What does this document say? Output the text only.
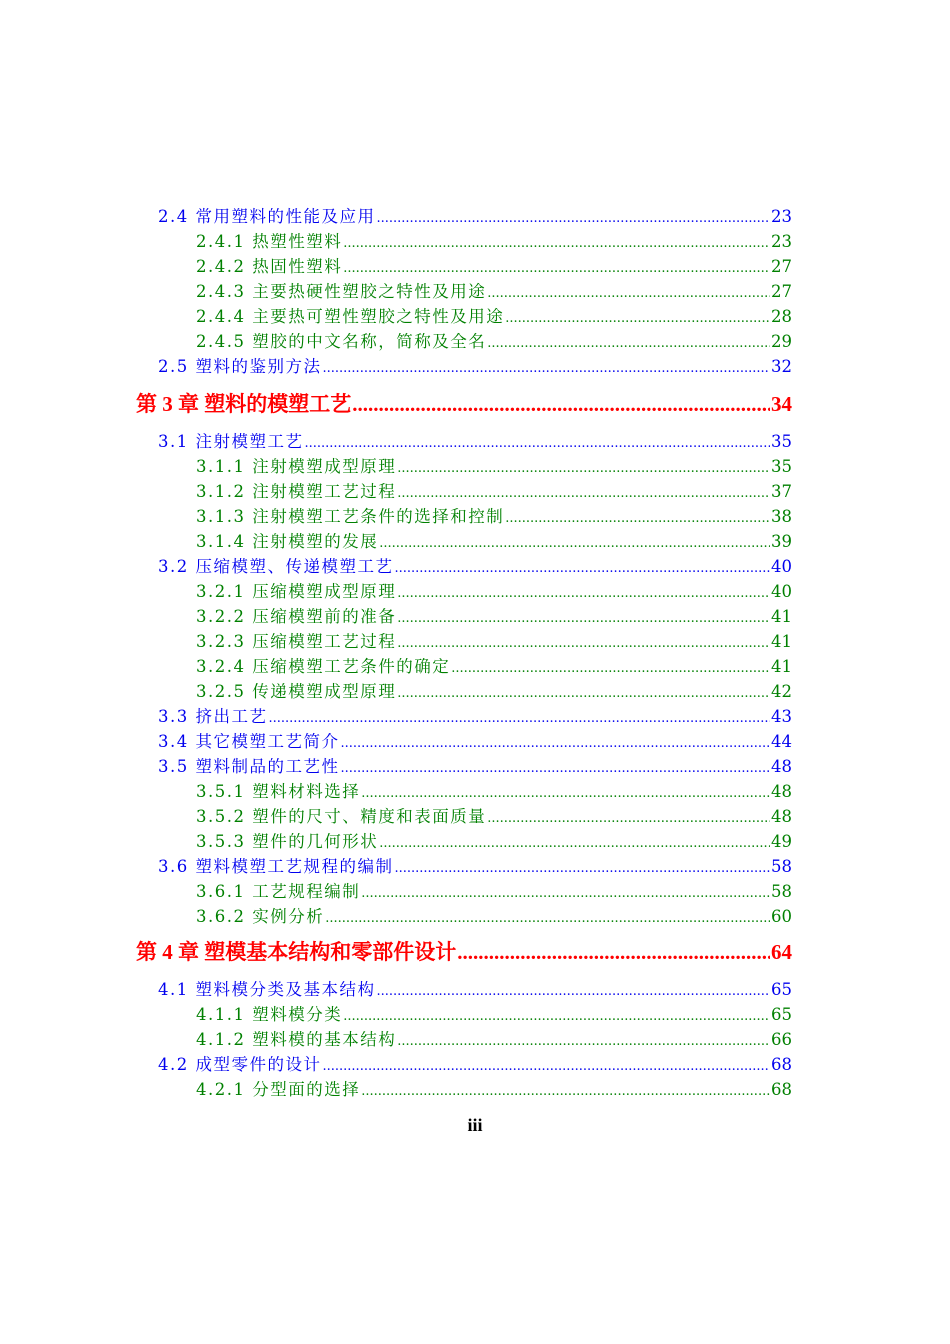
2.4 常用塑料的性能及应用 .....	23
2.4.1 热塑性塑料 .....	23
2.4.2 热固性塑料 .....	27
2.4.3 主要热硬性塑胶之特性及用途 .....	27
2.4.4 主要热可塑性塑胶之特性及用途 .....	28
2.4.5 塑胶的中文名称，简称及全名 .....	29
2.5 塑料的鉴别方法 .....	32
第 3 章 塑料的模塑工艺 .....	34
3.1 注射模塑工艺 .....	35
3.1.1 注射模塑成型原理 .....	35
3.1.2 注射模塑工艺过程 .....	37
3.1.3 注射模塑工艺条件的选择和控制 .....	38
3.1.4 注射模塑的发展 .....	39
3.2 压缩模塑、传递模塑工艺 .....	40
3.2.1 压缩模塑成型原理 .....	40
3.2.2 压缩模塑前的准备 .....	41
3.2.3 压缩模塑工艺过程 .....	41
3.2.4 压缩模塑工艺条件的确定 .....	41
3.2.5 传递模塑成型原理 .....	42
3.3 挤出工艺 .....	43
3.4 其它模塑工艺简介 .....	44
3.5 塑料制品的工艺性 .....	48
3.5.1 塑料材料选择 .....	48
3.5.2 塑件的尺寸、精度和表面质量 .....	48
3.5.3 塑件的几何形状 .....	49
3.6 塑料模塑工艺规程的编制 .....	58
3.6.1 工艺规程编制 .....	58
3.6.2 实例分析 .....	60
第 4 章 塑模基本结构和零部件设计 .....	64
4.1 塑料模分类及基本结构 .....	65
4.1.1 塑料模分类 .....	65
4.1.2 塑料模的基本结构 .....	66
4.2 成型零件的设计 .....	68
4.2.1 分型面的选择 .....	68
iii
